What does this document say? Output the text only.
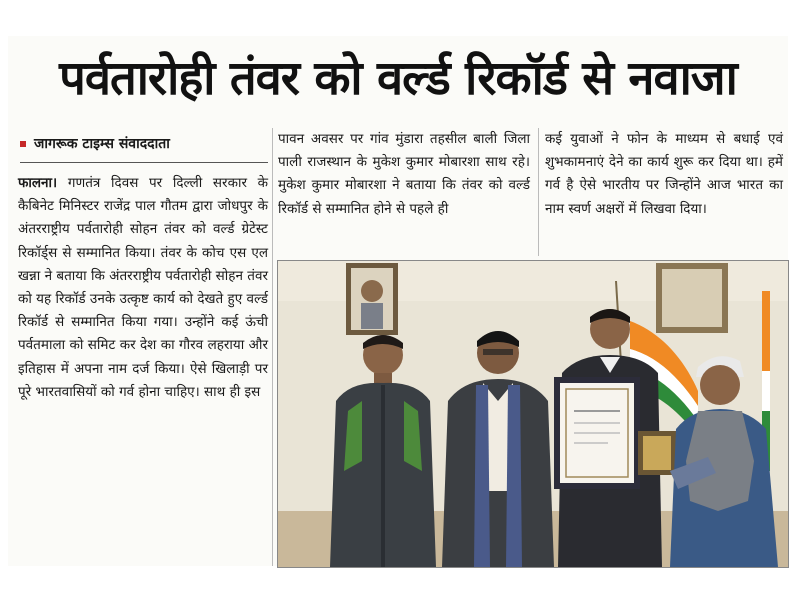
पर्वतारोही तंवर को वर्ल्ड रिकॉर्ड से नवाजा
जागरूक टाइम्स संवाददाता
फालना। गणतंत्र दिवस पर दिल्ली सरकार के कैबिनेट मिनिस्टर राजेंद्र पाल गौतम द्वारा जोधपुर के अंतरराष्ट्रीय पर्वतारोही सोहन तंवर को वर्ल्ड ग्रेटेस्ट रिकॉर्ड्स से सम्मानित किया। तंवर के कोच एस एल खन्ना ने बताया कि अंतरराष्ट्रीय पर्वतारोही सोहन तंवर को यह रिकॉर्ड उनके उत्कृष्ट कार्य को देखते हुए वर्ल्ड रिकॉर्ड से सम्मानित किया गया। उन्होंने कई ऊंची पर्वतमाला को समिट कर देश का गौरव लहराया और इतिहास में अपना नाम दर्ज किया। ऐसे खिलाड़ी पर पूरे भारतवासियों को गर्व होना चाहिए। साथ ही इस
पावन अवसर पर गांव मुंडारा तहसील बाली जिला पाली राजस्थान के मुकेश कुमार मोबारशा साथ रहे। मुकेश कुमार मोबारशा ने बताया कि तंवर को वर्ल्ड रिकॉर्ड से सम्मानित होने से पहले ही
कई युवाओं ने फोन के माध्यम से बधाई एवं शुभकामनाएं देने का कार्य शुरू कर दिया था। हमें गर्व है ऐसे भारतीय पर जिन्होंने आज भारत का नाम स्वर्ण अक्षरों में लिखवा दिया।
